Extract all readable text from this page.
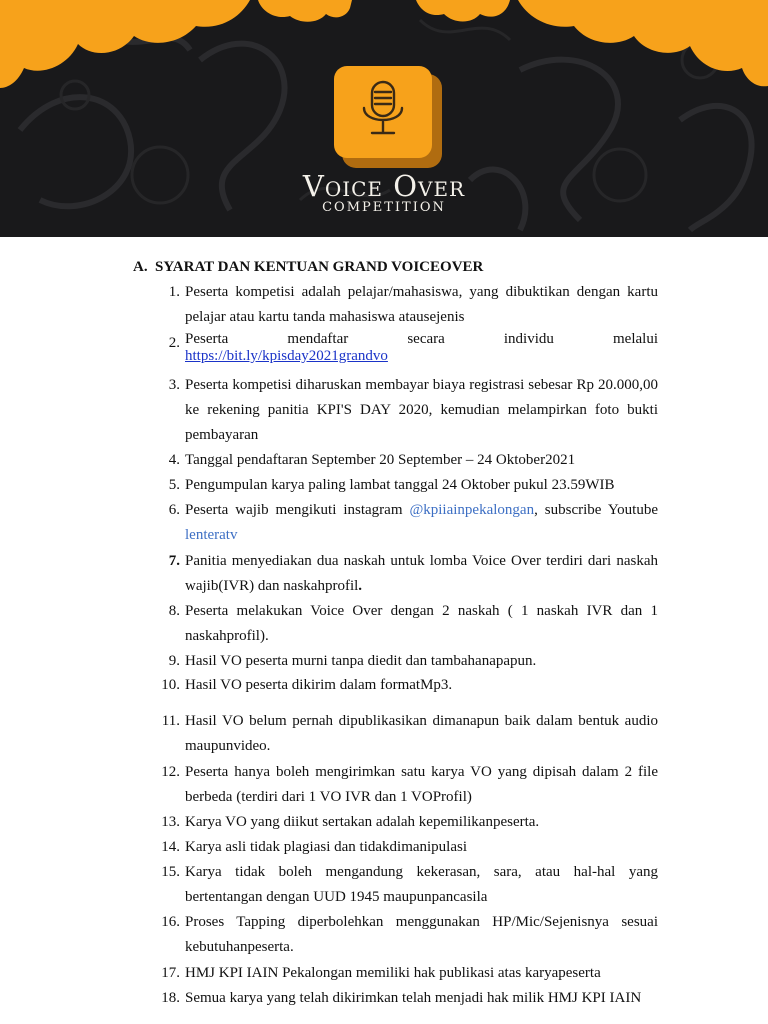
Voice Over
COMPETITION
A. SYARAT DAN KENTUAN GRAND VOICEOVER
1. Peserta kompetisi adalah pelajar/mahasiswa, yang dibuktikan dengan kartu pelajar atau kartu tanda mahasiswa atausejenis
2. Peserta mendaftar secara individu melalui
https://bit.ly/kpisday2021grandvo
3. Peserta kompetisi diharuskan membayar biaya registrasi sebesar Rp 20.000,00 ke rekening panitia KPI'S DAY 2020, kemudian melampirkan foto bukti pembayaran
4. Tanggal pendaftaran September 20 September – 24 Oktober2021
5. Pengumpulan karya paling lambat tanggal 24 Oktober pukul 23.59WIB
6. Peserta wajib mengikuti instagram @kpiiainpekalongan, subscribe Youtube lenteratv
7. Panitia menyediakan dua naskah untuk lomba Voice Over terdiri dari naskah wajib(IVR) dan naskahprofil.
8. Peserta melakukan Voice Over dengan 2 naskah ( 1 naskah IVR dan 1 naskahprofil).
9. Hasil VO peserta murni tanpa diedit dan tambahanapapun.
10. Hasil VO peserta dikirim dalam formatMp3.
11. Hasil VO belum pernah dipublikasikan dimanapun baik dalam bentuk audio maupunvideo.
12. Peserta hanya boleh mengirimkan satu karya VO yang dipisah dalam 2 file berbeda (terdiri dari 1 VO IVR dan 1 VOProfil)
13. Karya VO yang diikut sertakan adalah kepemilikanpeserta.
14. Karya asli tidak plagiasi dan tidakdimanipulasi
15. Karya tidak boleh mengandung kekerasan, sara, atau hal-hal yang bertentangan dengan UUD 1945 maupunpancasila
16. Proses Tapping diperbolehkan menggunakan HP/Mic/Sejenisnya sesuai kebutuhanpeserta.
17. HMJ KPI IAIN Pekalongan memiliki hak publikasi atas karyapeserta
18. Semua karya yang telah dikirimkan telah menjadi hak milik HMJ KPI IAIN
